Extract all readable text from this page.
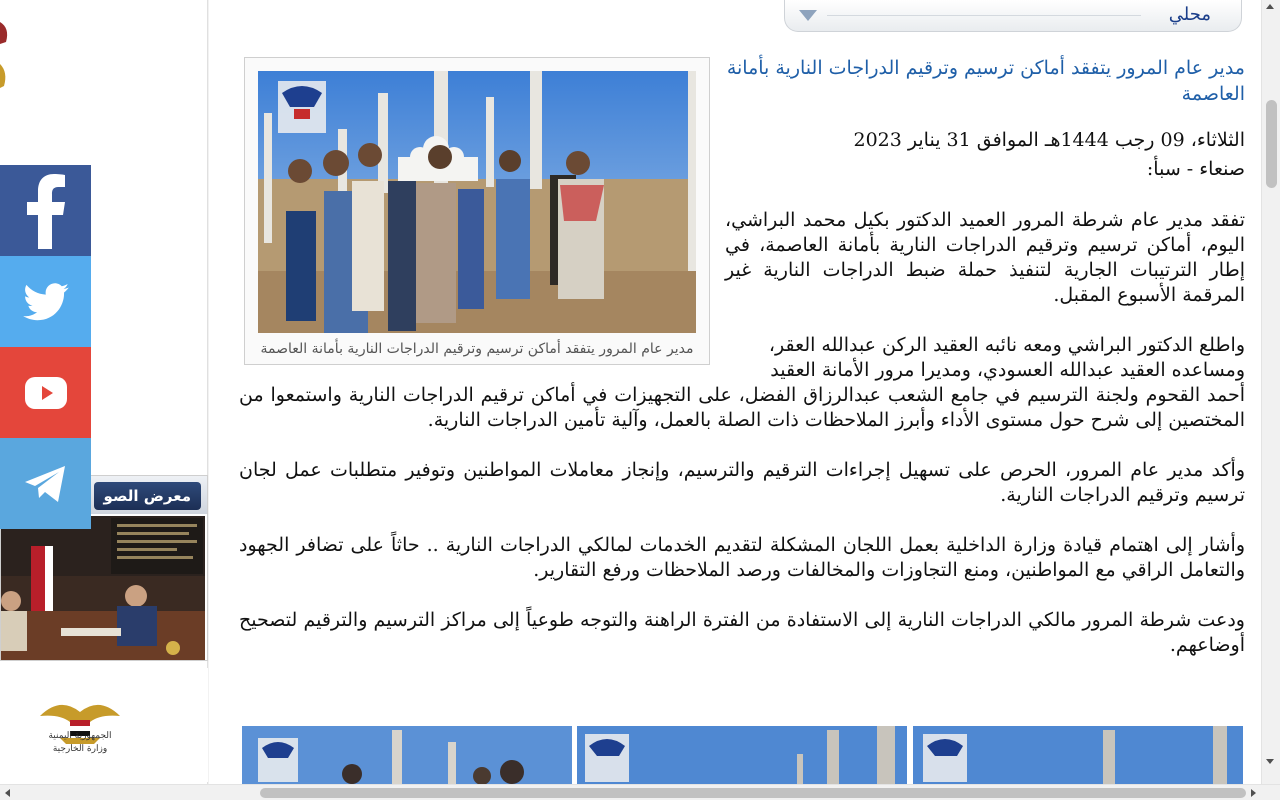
معرض الصو
الجمهورية اليمنية
وزارة الخارجية
محلي
مدير عام المرور يتفقد أماكن ترسيم وترقيم الدراجات النارية بأمانة العاصمة
مدير عام المرور يتفقد أماكن ترسيم وترقيم الدراجات النارية بأمانة العاصمة
الثلاثاء، 09 رجب 1444هـ الموافق 31 يناير 2023
صنعاء - سبأ:

تفقد مدير عام شرطة المرور العميد الدكتور بكيل محمد البراشي، اليوم، أماكن ترسيم وترقيم الدراجات النارية بأمانة العاصمة، في إطار الترتيبات الجارية لتنفيذ حملة ضبط الدراجات النارية غير المرقمة الأسبوع المقبل.

واطلع الدكتور البراشي ومعه نائبه العقيد الركن عبدالله العقر، ومساعده العقيد عبدالله العسودي، ومديرا مرور الأمانة العقيد

أحمد القحوم ولجنة الترسيم في جامع الشعب عبدالرزاق الفضل، على التجهيزات في أماكن ترقيم الدراجات النارية واستمعوا من المختصين إلى شرح حول مستوى الأداء وأبرز الملاحظات ذات الصلة بالعمل، وآلية تأمين الدراجات النارية.

وأكد مدير عام المرور، الحرص على تسهيل إجراءات الترقيم والترسيم، وإنجاز معاملات المواطنين وتوفير متطلبات عمل لجان ترسيم وترقيم الدراجات النارية.

وأشار إلى اهتمام قيادة وزارة الداخلية بعمل اللجان المشكلة لتقديم الخدمات لمالكي الدراجات النارية .. حاثاً على تضافر الجهود والتعامل الراقي مع المواطنين، ومنع التجاوزات والمخالفات ورصد الملاحظات ورفع التقارير.

ودعت شرطة المرور مالكي الدراجات النارية إلى الاستفادة من الفترة الراهنة والتوجه طوعياً إلى مراكز الترسيم والترقيم لتصحيح أوضاعهم.
